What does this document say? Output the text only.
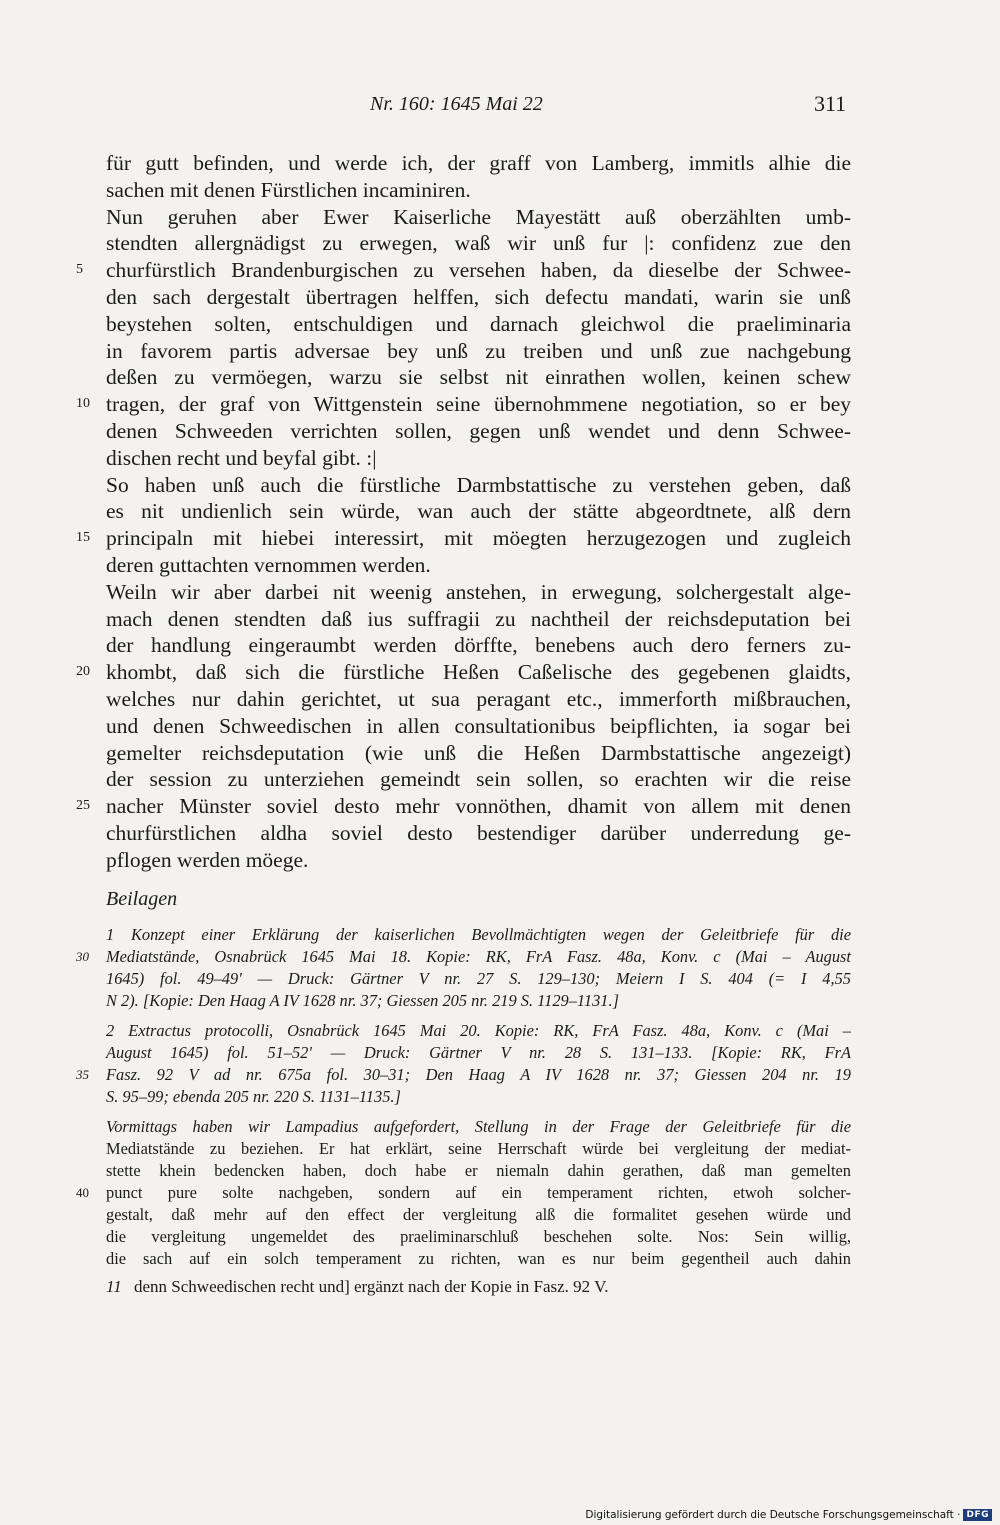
Nr. 160: 1645 Mai 22	311
für gutt befinden, und werde ich, der graff von Lamberg, immitls alhie die
sachen mit denen Fürstlichen incaminiren.
Nun geruhen aber Ewer Kaiserliche Mayestätt auß oberzählten umb-
stendten allergnädigst zu erwegen, waß wir unß fur |: confidenz zue den
5 churfürstlich Brandenburgischen zu versehen haben, da dieselbe der Schwee-
den sach dergestalt übertragen helffen, sich defectu mandati, warin sie unß
beystehen solten, entschuldigen und darnach gleichwol die praeliminaria
in favorem partis adversae bey unß zu treiben und unß zue nachgebung
deßen zu vermöegen, warzu sie selbst nit einrathen wollen, keinen schew
10 tragen, der graf von Wittgenstein seine übernohmmene negotiation, so er bey
denen Schweeden verrichten sollen, gegen unß wendet und denn Schwee-
dischen recht und beyfal gibt. :|
So haben unß auch die fürstliche Darmbstattische zu verstehen geben, daß
es nit undienlich sein würde, wan auch der stätte abgeordtnete, alß dern
15 principaln mit hiebei interessirt, mit möegten herzugezogen und zugleich
deren guttachten vernommen werden.
Weiln wir aber darbei nit weenig anstehen, in erwegung, solchergestalt alge-
mach denen stendten daß ius suffragii zu nachtheil der reichsdeputation bei
der handlung eingeraumbt werden dörffte, benebens auch dero ferners zu-
20 khombt, daß sich die fürstliche Heßen Caßelische des gegebenen glaidts,
welches nur dahin gerichtet, ut sua peragant etc., immerforth mißbrauchen,
und denen Schweedischen in allen consultationibus beipflichten, ia sogar bei
gemelter reichsdeputation (wie unß die Heßen Darmbstattische angezeigt)
der session zu unterziehen gemeindt sein sollen, so erachten wir die reise
25 nacher Münster soviel desto mehr vonnöthen, dhamit von allem mit denen
churfürstlichen aldha soviel desto bestendiger darüber underredung ge-
pflogen werden möege.
Beilagen
1 Konzept einer Erklärung der kaiserlichen Bevollmächtigten wegen der Geleitbriefe für die
30 Mediatstände, Osnabrück 1645 Mai 18. Kopie: RK, FrA Fasz. 48a, Konv. c (Mai – August
1645) fol. 49–49' — Druck: Gärtner V nr. 27 S. 129–130; Meiern I S. 404 (= I 4,55
N 2). [Kopie: Den Haag A IV 1628 nr. 37; Giessen 205 nr. 219 S. 1129–1131.]
2 Extractus protocolli, Osnabrück 1645 Mai 20. Kopie: RK, FrA Fasz. 48a, Konv. c (Mai –
August 1645) fol. 51–52' — Druck: Gärtner V nr. 28 S. 131–133. [Kopie: RK, FrA
35 Fasz. 92 V ad nr. 675a fol. 30–31; Den Haag A IV 1628 nr. 37; Giessen 204 nr. 19
S. 95–99; ebenda 205 nr. 220 S. 1131–1135.]
Vormittags haben wir Lampadius aufgefordert, Stellung in der Frage der Geleitbriefe für die
Mediatstände zu beziehen. Er hat erklärt, seine Herrschaft würde bei vergleitung der mediat-
stette khein bedencken haben, doch habe er niemaln dahin gerathen, daß man gemelten
40 punct pure solte nachgeben, sondern auf ein temperament richten, etwoh solcher-
gestalt, daß mehr auf den effect der vergleitung alß die formalitet gesehen würde und
die vergleitung ungemeldet des praeliminarschluß beschehen solte. Nos: Sein willig,
die sach auf ein solch temperament zu richten, wan es nur beim gegentheil auch dahin
11 denn Schweedischen recht und] ergänzt nach der Kopie in Fasz. 92 V.
Digitalisierung gefördert durch die Deutsche Forschungsgemeinschaft · DFG
